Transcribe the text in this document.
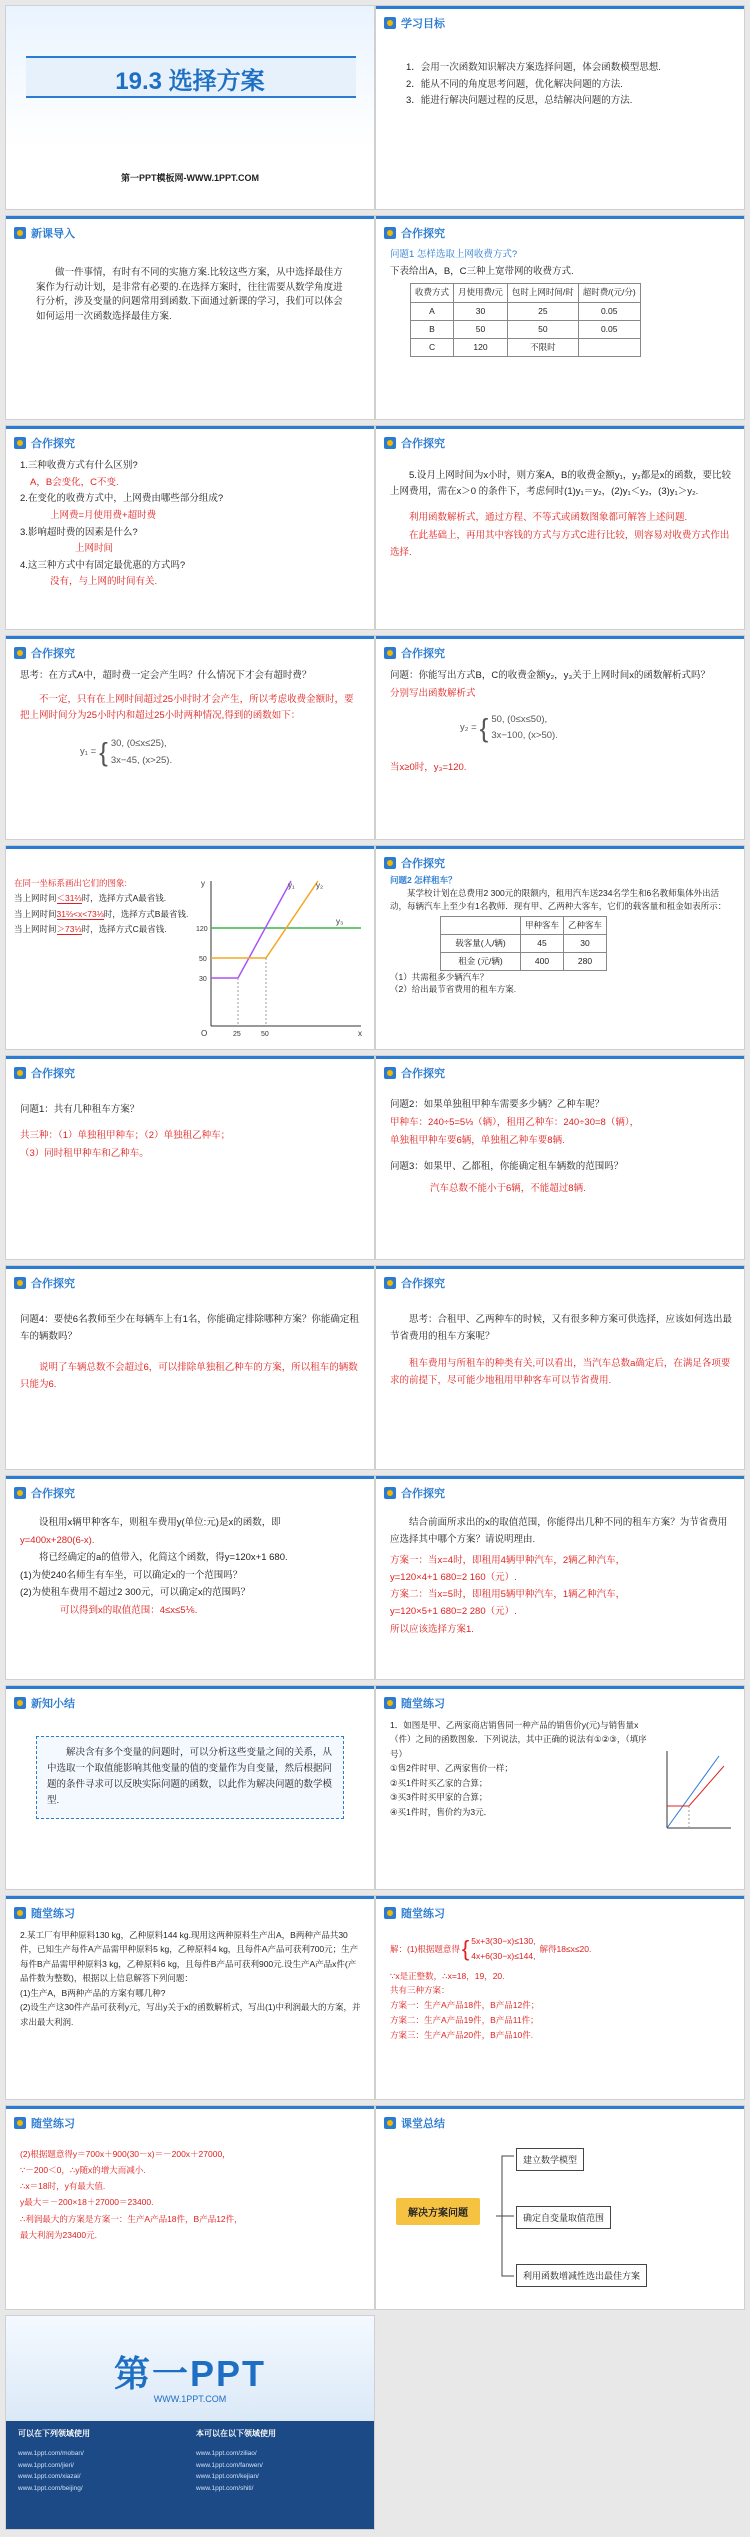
19.3 选择方案
第一PPT模板网-WWW.1PPT.COM
学习目标
1．会用一次函数知识解决方案选择问题，体会函数模型思想.
2．能从不同的角度思考问题，优化解决问题的方法.
3．能进行解决问题过程的反思，总结解决问题的方法.
新课导入
做一件事情，有时有不同的实施方案.比较这些方案，从中选择最佳方案作为行动计划，是非常有必要的.在选择方案时，往往需要从数学角度进行分析，涉及变量的问题常用到函数.下面通过新课的学习，我们可以体会如何运用一次函数选择最佳方案.
合作探究
问题1 怎样选取上网收费方式?
下表给出A，B，C三种上宽带网的收费方式.
收费方式	月使用费/元	包时上网时间/时	超时费/(元/分)
A	30	25	0.05
B	50	50	0.05
C	120	不限时	
合作探究
1.三种收费方式有什么区别?
A，B会变化，C不变.
2.在变化的收费方式中，上网费由哪些部分组成?
上网费=月使用费+超时费
3.影响超时费的因素是什么?
上网时间
4.这三种方式中有固定最优惠的方式吗?
没有，与上网的时间有关.
合作探究
5.设月上网时间为x小时，则方案A，B的收费金额y₁，y₂都是x的函数，要比较上网费用，需在x＞0 的条件下，考虑何时(1)y₁＝y₂，(2)y₁＜y₂，(3)y₁＞y₂.
利用函数解析式，通过方程、不等式或函数图象都可解答上述问题.
在此基础上，再用其中容钱的方式与方式C进行比较，则容易对收费方式作出选择.
合作探究
思考：在方式A中，超时费一定会产生吗？什么情况下才会有超时费？
不一定，只有在上网时间超过25小时时才会产生，所以考虑收费金额时，要把上网时间分为25小时内和超过25小时两种情况,得到的函数如下：
y₁ = { 30, (0≤x≤25),
3x−45, (x>25).
合作探究
问题：你能写出方式B，C的收费金额y₂，y₃关于上网时间x的函数解析式吗？
分别写出函数解析式
y₂ = { 50, (0≤x≤50),
3x−100, (x>50).
当x≥0时，y₃=120.
在同一坐标系画出它们的图象:
当上网时间＜31⅔时，选择方式A最省钱.
当上网时间31⅔<x<73⅓时，选择方式B最省钱.
当上网时间＞73⅓时，选择方式C最省钱.
y
x
O
120
50
30
25	50
y₁	y₂
y₃
合作探究
问题2 怎样租车？
某学校计划在总费用2 300元的限额内，租用汽车送234名学生和6名教师集体外出活动，每辆汽车上至少有1名教师．现有甲、乙两种大客车，它们的载客量和租金如表所示：
	甲种客车	乙种客车
载客量(人/辆)	45	30
租金 (元/辆)	400	280
（1）共需租多少辆汽车？
（2）给出最节省费用的租车方案.
合作探究
问题1：共有几种租车方案？
共三种：（1）单独租甲种车；（2）单独租乙种车；
（3）同时租甲种车和乙种车。
合作探究
问题2：如果单独租甲种车需要多少辆？乙种车呢？
甲种车：240÷5=5⅓（辆），租用乙种车：240÷30=8（辆），
单独租甲种车要6辆，单独租乙种车要8辆.
问题3：如果甲、乙都租，你能确定租车辆数的范围吗？
汽车总数不能小于6辆，不能超过8辆.
合作探究
问题4：要使6名教师至少在每辆车上有1名，你能确定排除哪种方案？你能确定租车的辆数吗？
说明了车辆总数不会超过6，可以排除单独租乙种车的方案，所以租车的辆数只能为6.
合作探究
思考：合租甲、乙两种车的时候，又有很多种方案可供选择，应该如何选出最节省费用的租车方案呢？
租车费用与所租车的种类有关,可以看出，当汽车总数a确定后，在满足各项要求的前提下，尽可能少地租用甲种客车可以节省费用.
合作探究
设租用x辆甲种客车，则租车费用y(单位:元)是x的函数，即
y=400x+280(6-x).
将已经确定的a的值带入，化简这个函数，得y=120x+1 680.
(1)为使240名师生有车坐，可以确定x的一个范围吗？
(2)为使租车费用不超过2 300元，可以确定x的范围吗？
可以得到x的取值范围：4≤x≤5⅙.
合作探究
结合前面所求出的x的取值范围，你能得出几种不同的租车方案？为节省费用应选择其中哪个方案？请说明理由.
方案一：当x=4时，即租用4辆甲种汽车，2辆乙种汽车，
y=120×4+1 680=2 160（元）.
方案二：当x=5时，即租用5辆甲种汽车，1辆乙种汽车，
y=120×5+1 680=2 280（元）.
所以应该选择方案1.
新知小结
解决含有多个变量的问题时，可以分析这些变量之间的关系，从中选取一个取值能影响其他变量的值的变量作为自变量，然后根据问题的条件寻求可以反映实际问题的函数，以此作为解决问题的数学模型.
随堂练习
1．如图是甲、乙两家商店销售同一种产品的销售价y(元)与销售量x（件）之间的函数图象．下列说法，其中正确的说法有①②③，（填序号）
①售2件时甲、乙两家售价一样；
②买1件时买乙家的合算；
③买3件时买甲家的合算；
④买1件时，售价约为3元．
随堂练习
2.某工厂有甲种原料130 kg，乙种原料144 kg.现用这两种原料生产出A，B两种产品共30件，已知生产每件A产品需甲种原料5 kg，乙种原料4 kg，且每件A产品可获利700元；生产每件B产品需甲种原料3 kg，乙种原料6 kg，且每件B产品可获利900元.设生产A产品x件(产品件数为整数)，根据以上信息解答下列问题：
(1)生产A，B两种产品的方案有哪几种?
(2)设生产这30件产品可获利y元，写出y关于x的函数解析式，写出(1)中利润最大的方案，并求出最大利润.
随堂练习
解：(1)根据题意得 { 5x+3(30−x)≤130,
4x+6(30−x)≤144,
解得18≤x≤20.
∵x是正整数，∴x=18，19，20.
共有三种方案：
方案一：生产A产品18件，B产品12件；
方案二：生产A产品19件，B产品11件；
方案三：生产A产品20件，B产品10件.
随堂练习
(2)根据题意得y＝700x＋900(30－x)＝－200x＋27000，
∵－200＜0，∴y随x的增大而减小.
∴x＝18时，y有最大值.
y最大＝－200×18＋27000＝23400.
∴利润最大的方案是方案一：生产A产品18件，B产品12件，
最大利润为23400元.
课堂总结
解决方案问题
建立数学模型
确定自变量取值范围
利用函数增减性选出最佳方案
第一PPT
WWW.1PPT.COM
可以在下列领域使用	本可以在以下领域使用
www.1ppt.com/moban/
www.1ppt.com/jieri/
www.1ppt.com/xiazai/
www.1ppt.com/beijing/
www.1ppt.com/ziliao/
www.1ppt.com/fanwen/
www.1ppt.com/kejian/
www.1ppt.com/shiti/
